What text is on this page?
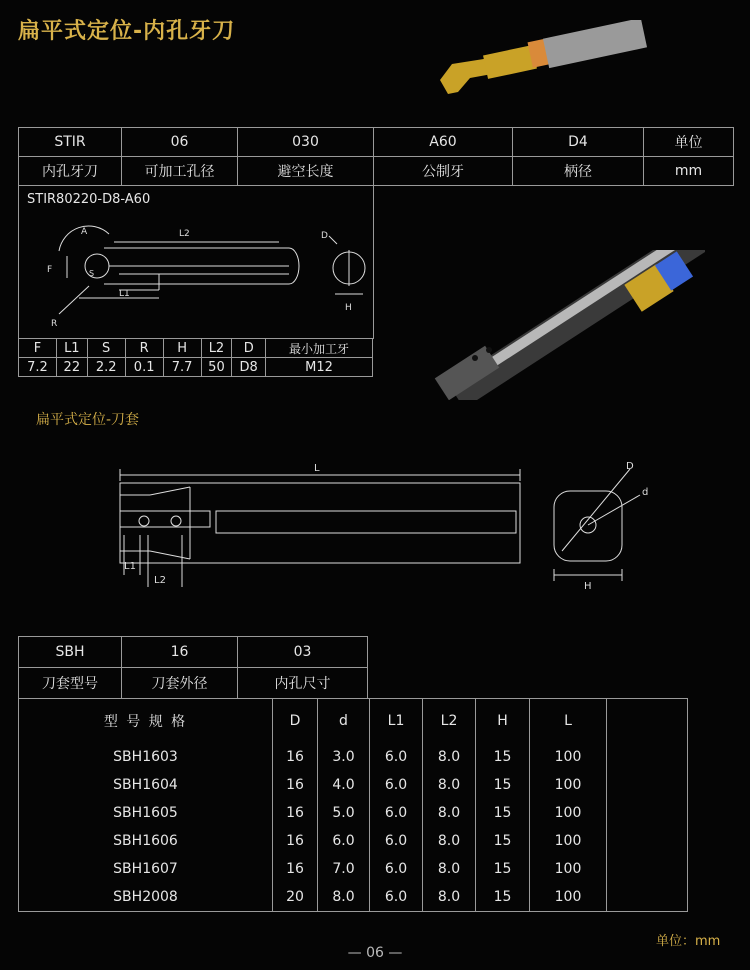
扁平式定位-内孔牙刀
STIR	06	030	A60	D4	单位
内孔牙刀	可加工孔径	避空长度	公制牙	柄径	mm
STIR80220-D8-A60
A	L2
F	S
L1
R
D
H
F	L1	S	R	H	L2	D	最小加工牙
7.2	22	2.2	0.1	7.7	50	D8	M12
扁平式定位-刀套
L
L1
L2
D
d
H
SBH	16	03
刀套型号	刀套外径	内孔尺寸
型 号 规 格	D	d	L1	L2	H	L	
SBH1603	16	3.0	6.0	8.0	15	100	
SBH1604	16	4.0	6.0	8.0	15	100	
SBH1605	16	5.0	6.0	8.0	15	100	
SBH1606	16	6.0	6.0	8.0	15	100	
SBH1607	16	7.0	6.0	8.0	15	100	
SBH2008	20	8.0	6.0	8.0	15	100	
单位：mm
— 06 —
